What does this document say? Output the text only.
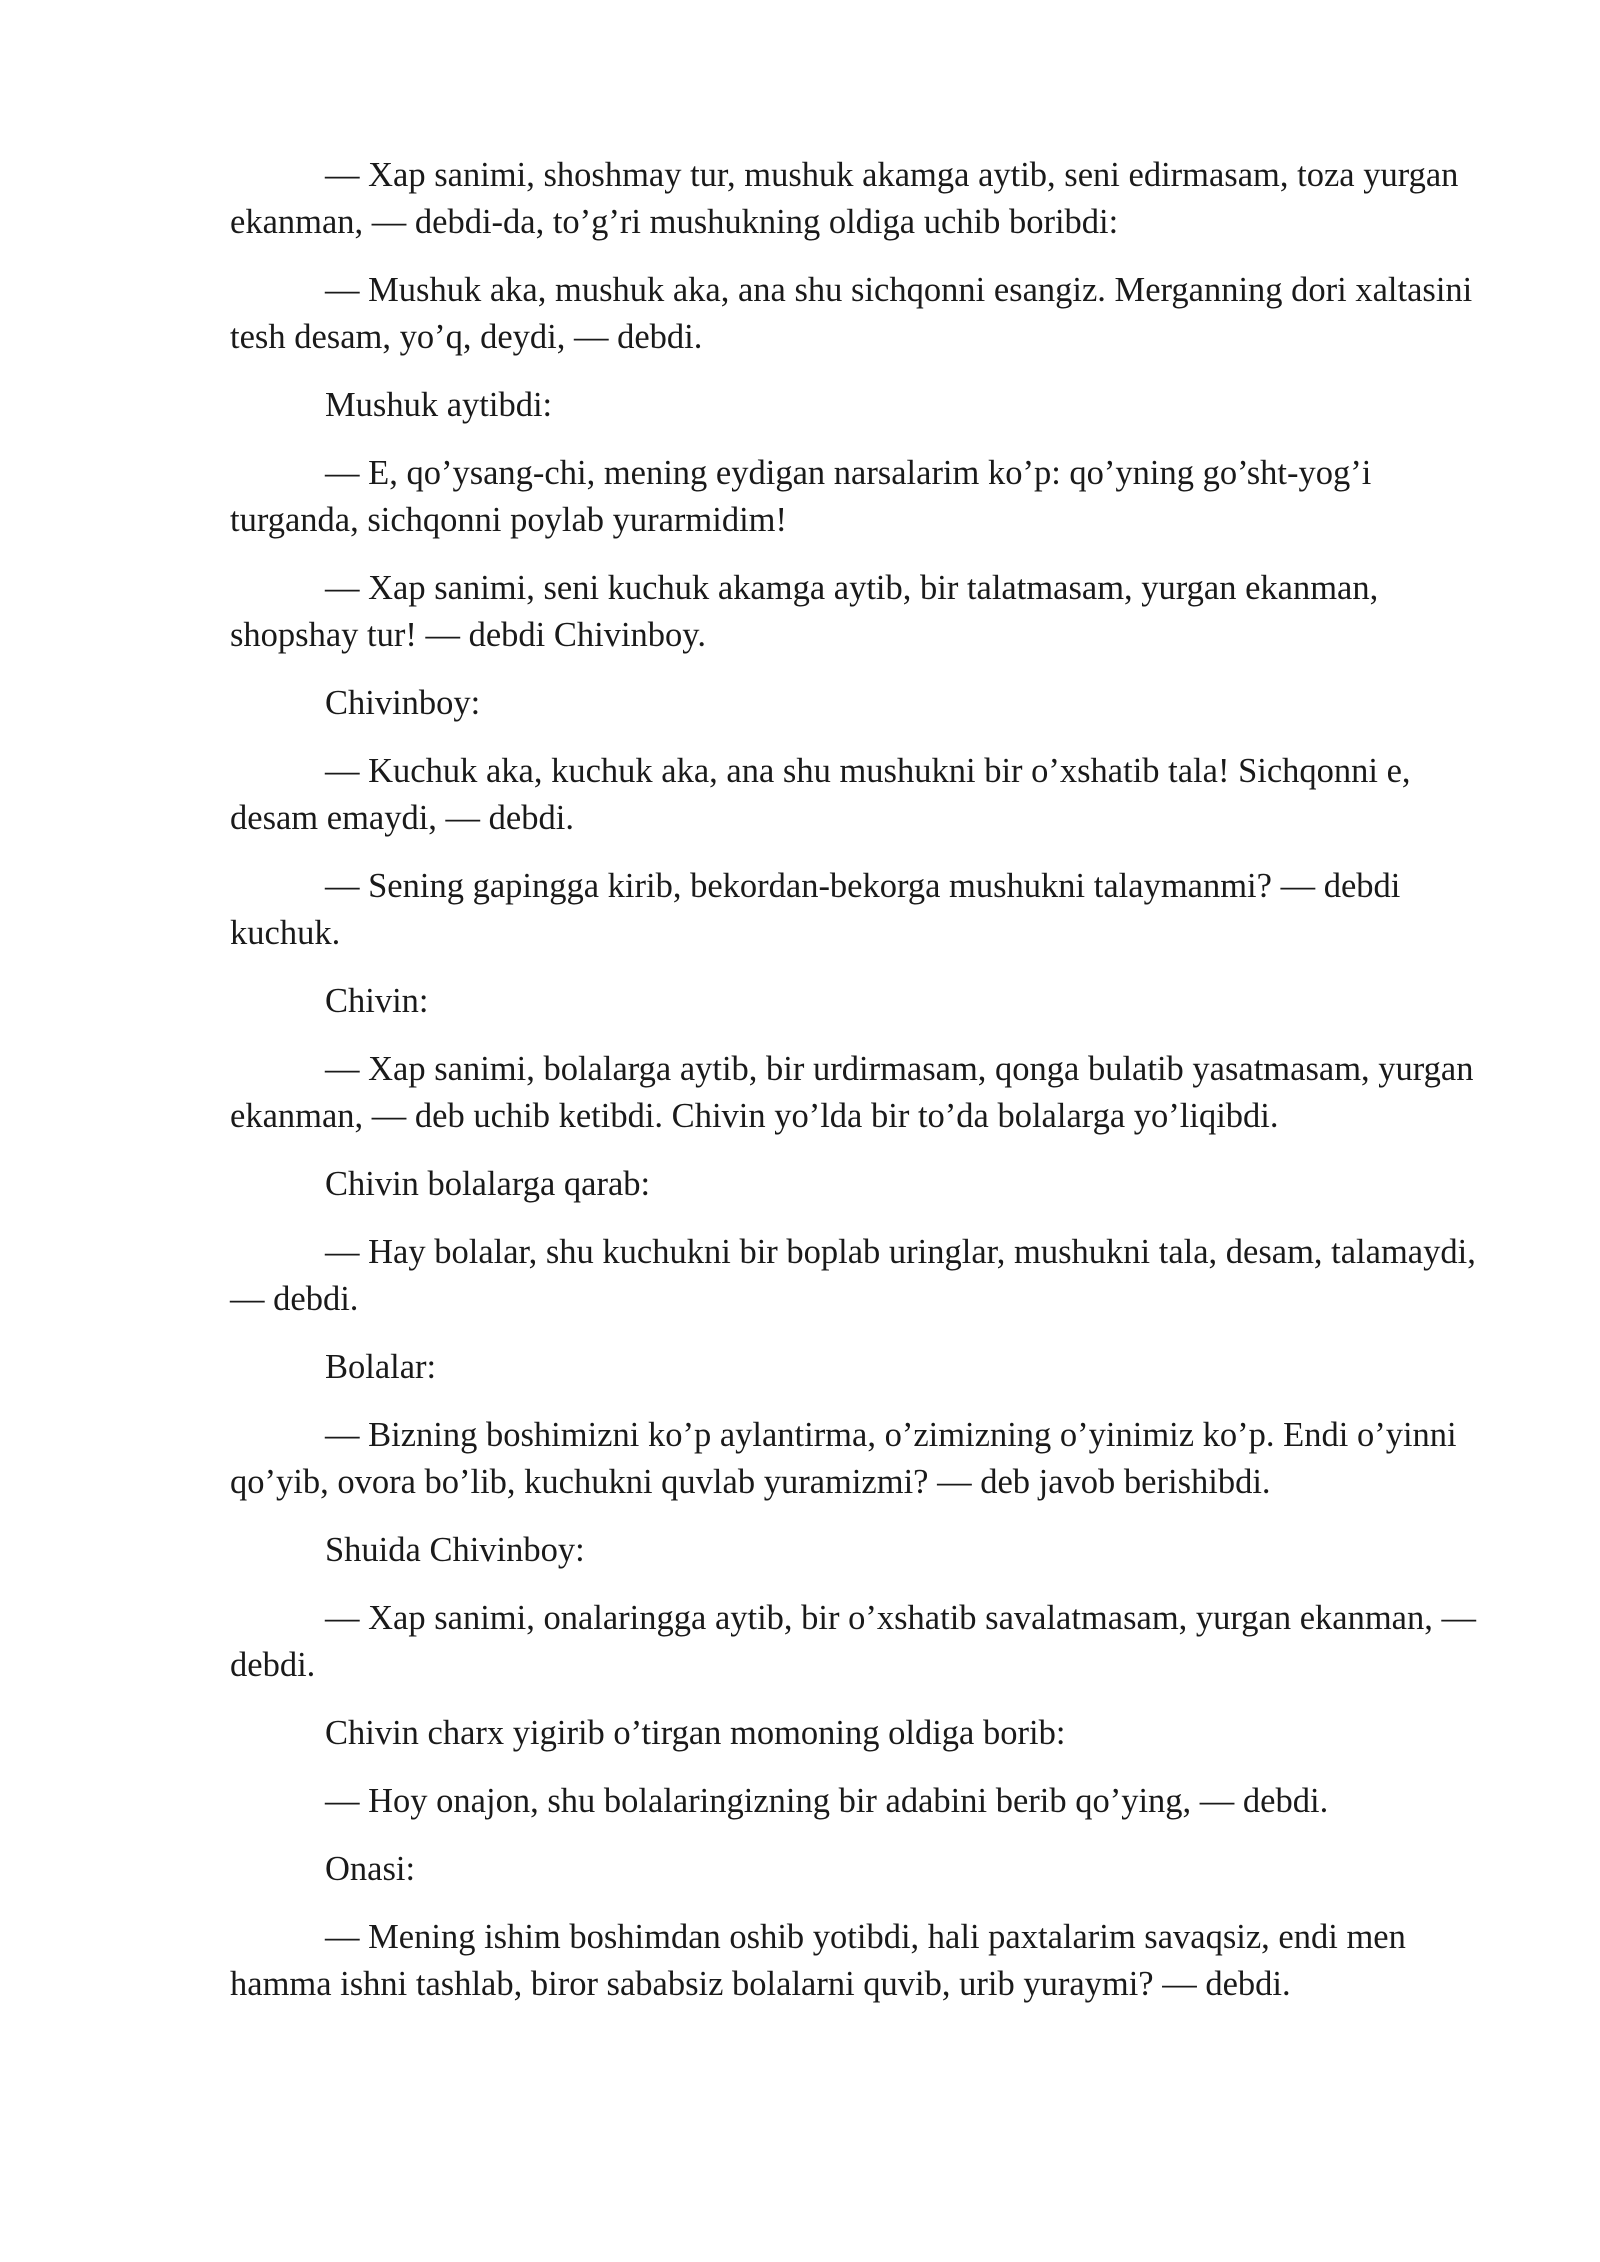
— Xap sanimi, shoshmay tur, mushuk akamga aytib, seni edirmasam, toza yurgan ekanman, — debdi-da, to’g’ri mushukning oldiga uchib boribdi:

— Mushuk aka, mushuk aka, ana shu sichqonni esangiz. Merganning dori xaltasini tesh desam, yo’q, deydi, — debdi.

Mushuk aytibdi:

— E, qo’ysang-chi, mening eydigan narsalarim ko’p: qo’yning go’sht-yog’i turganda, sichqonni poylab yurarmidim!

— Xap sanimi, seni kuchuk akamga aytib, bir talatmasam, yurgan ekanman, shopshay tur! — debdi Chivinboy.

Chivinboy:

— Kuchuk aka, kuchuk aka, ana shu mushukni bir o’xshatib tala! Sichqonni e, desam emaydi, — debdi.

— Sening gapingga kirib, bekordan-bekorga mushukni talaymanmi? — debdi kuchuk.

Chivin:

— Xap sanimi, bolalarga aytib, bir urdirmasam, qonga bulatib yasatmasam, yurgan ekanman, — deb uchib ketibdi. Chivin yo’lda bir to’da bolalarga yo’liqibdi.

Chivin bolalarga qarab:

— Hay bolalar, shu kuchukni bir boplab uringlar, mushukni tala, desam, talamaydi, — debdi.

Bolalar:

— Bizning boshimizni ko’p aylantirma, o’zimizning o’yinimiz ko’p. Endi o’yinni qo’yib, ovora bo’lib, kuchukni quvlab yuramizmi? — deb javob berishibdi.

Shuida Chivinboy:

— Xap sanimi, onalaringga aytib, bir o’xshatib savalatmasam, yurgan ekanman, — debdi.

Chivin charx yigirib o’tirgan momoning oldiga borib:

— Hoy onajon, shu bolalaringizning bir adabini berib qo’ying, — debdi.

Onasi:

— Mening ishim boshimdan oshib yotibdi, hali paxtalarim savaqsiz, endi men hamma ishni tashlab, biror sababsiz bolalarni quvib, urib yuraymi? — debdi.
